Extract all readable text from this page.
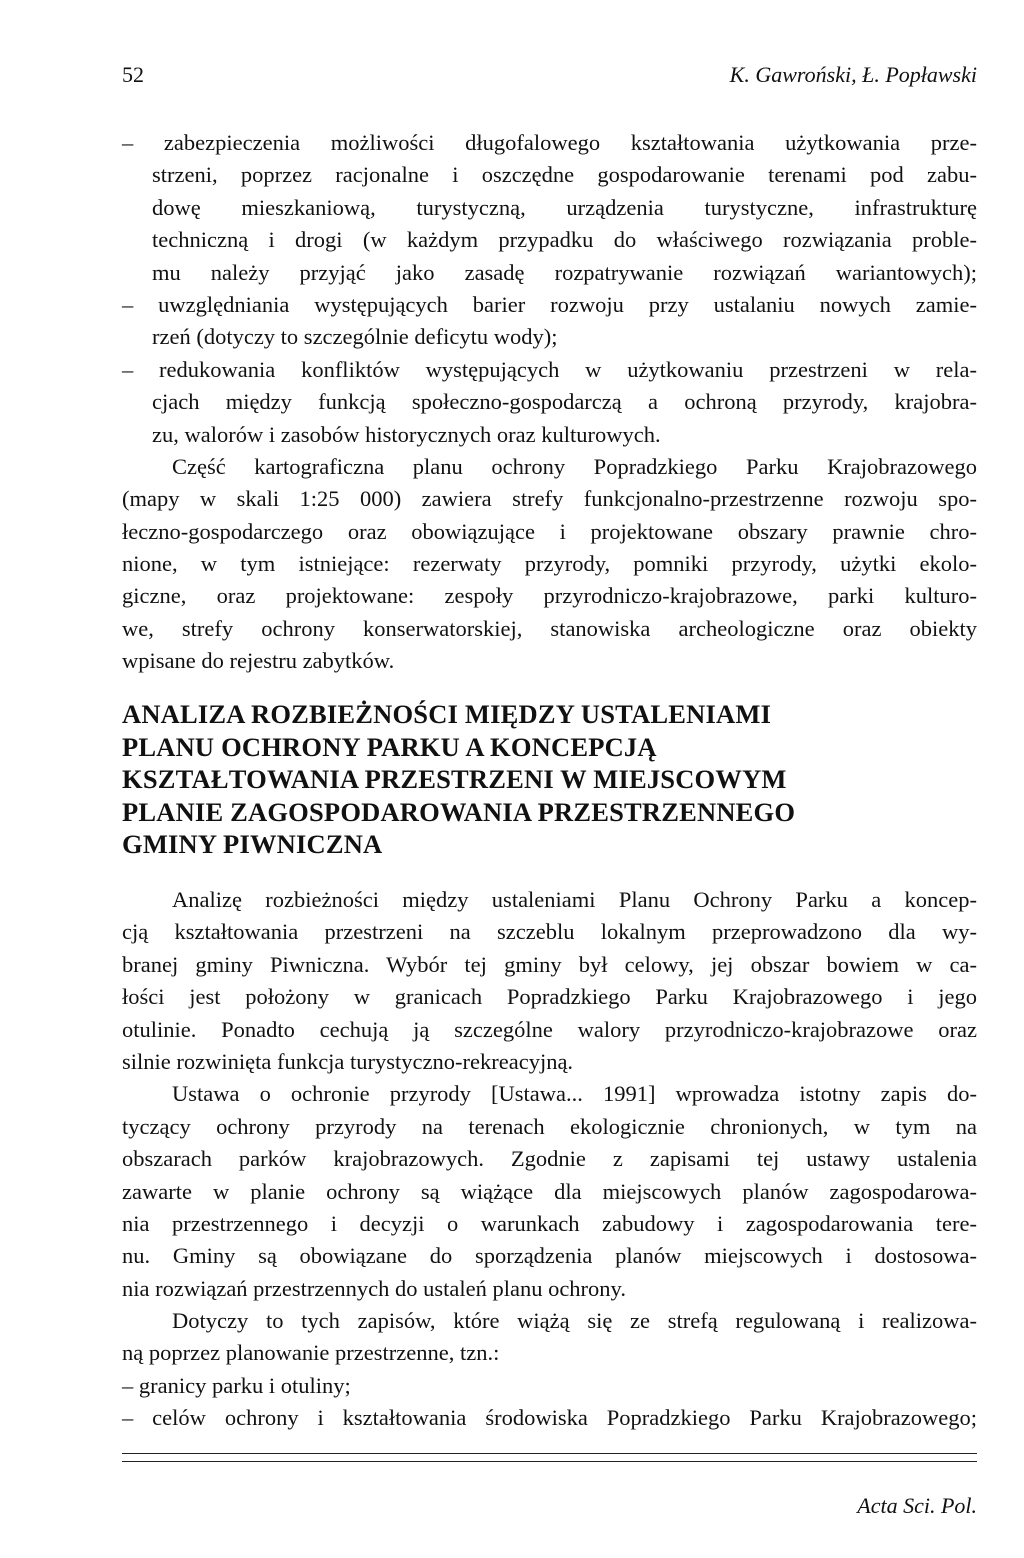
52	K. Gawroński, Ł. Popławski
– zabezpieczenia możliwości długofalowego kształtowania użytkowania prze-
strzeni, poprzez racjonalne i oszczędne gospodarowanie terenami pod zabu-
dowę mieszkaniową, turystyczną, urządzenia turystyczne, infrastrukturę
techniczną i drogi (w każdym przypadku do właściwego rozwiązania proble-
mu należy przyjąć jako zasadę rozpatrywanie rozwiązań wariantowych);
– uwzględniania występujących barier rozwoju przy ustalaniu nowych zamie-
rzeń (dotyczy to szczególnie deficytu wody);
– redukowania konfliktów występujących w użytkowaniu przestrzeni w rela-
cjach między funkcją społeczno-gospodarczą a ochroną przyrody, krajobra-
zu, walorów i zasobów historycznych oraz kulturowych.
Część kartograficzna planu ochrony Popradzkiego Parku Krajobrazowego
(mapy w skali 1:25 000) zawiera strefy funkcjonalno-przestrzenne rozwoju spo-
łeczno-gospodarczego oraz obowiązujące i projektowane obszary prawnie chro-
nione, w tym istniejące: rezerwaty przyrody, pomniki przyrody, użytki ekolo-
giczne, oraz projektowane: zespoły przyrodniczo-krajobrazowe, parki kulturo-
we, strefy ochrony konserwatorskiej, stanowiska archeologiczne oraz obiekty
wpisane do rejestru zabytków.
ANALIZA ROZBIEŻNOŚCI MIĘDZY USTALENIAMI
PLANU OCHRONY PARKU A KONCEPCJĄ
KSZTAŁTOWANIA PRZESTRZENI W MIEJSCOWYM
PLANIE ZAGOSPODAROWANIA PRZESTRZENNEGO
GMINY PIWNICZNA
Analizę rozbieżności między ustaleniami Planu Ochrony Parku a koncep-
cją kształtowania przestrzeni na szczeblu lokalnym przeprowadzono dla wy-
branej gminy Piwniczna. Wybór tej gminy był celowy, jej obszar bowiem w ca-
łości jest położony w granicach Popradzkiego Parku Krajobrazowego i jego
otulinie. Ponadto cechują ją szczególne walory przyrodniczo-krajobrazowe oraz
silnie rozwinięta funkcja turystyczno-rekreacyjną.
Ustawa o ochronie przyrody [Ustawa... 1991] wprowadza istotny zapis do-
tyczący ochrony przyrody na terenach ekologicznie chronionych, w tym na
obszarach parków krajobrazowych. Zgodnie z zapisami tej ustawy ustalenia
zawarte w planie ochrony są wiążące dla miejscowych planów zagospodarowa-
nia przestrzennego i decyzji o warunkach zabudowy i zagospodarowania tere-
nu. Gminy są obowiązane do sporządzenia planów miejscowych i dostosowa-
nia rozwiązań przestrzennych do ustaleń planu ochrony.
Dotyczy to tych zapisów, które wiążą się ze strefą regulowaną i realizowa-
ną poprzez planowanie przestrzenne, tzn.:
– granicy parku i otuliny;
– celów ochrony i kształtowania środowiska Popradzkiego Parku Krajobrazowego;
Acta Sci. Pol.
